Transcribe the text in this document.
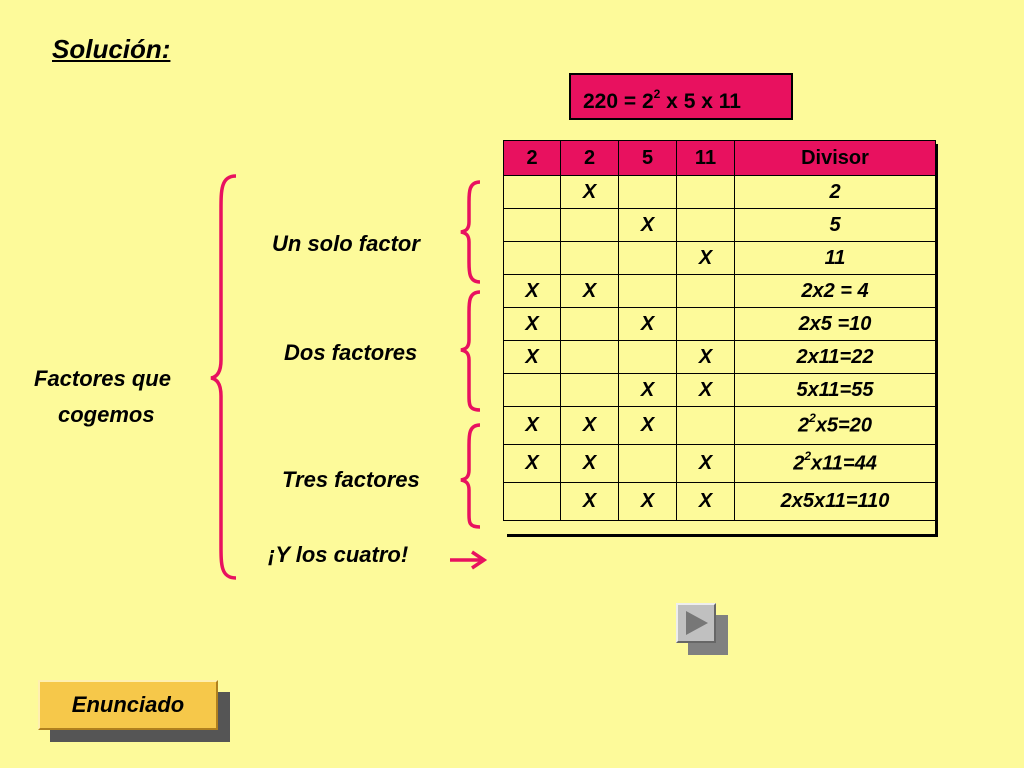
Solución:
$220 = 2^2$ x 5 x 11
2	2	5	11	Divisor
	X			2
		X		5
			X	11
X	X			2x2 = 4
X		X		2x5 =10
X			X	2x11=22
		X	X	5x11=55
X	X	X		$2^2x5=20$
X	X		X	$2^2x11=44$
	X	X	X	2x5x11=110
Factores que
cogemos
Un solo factor
Dos factores
Tres factores
¡Y los cuatro!
Enunciado
